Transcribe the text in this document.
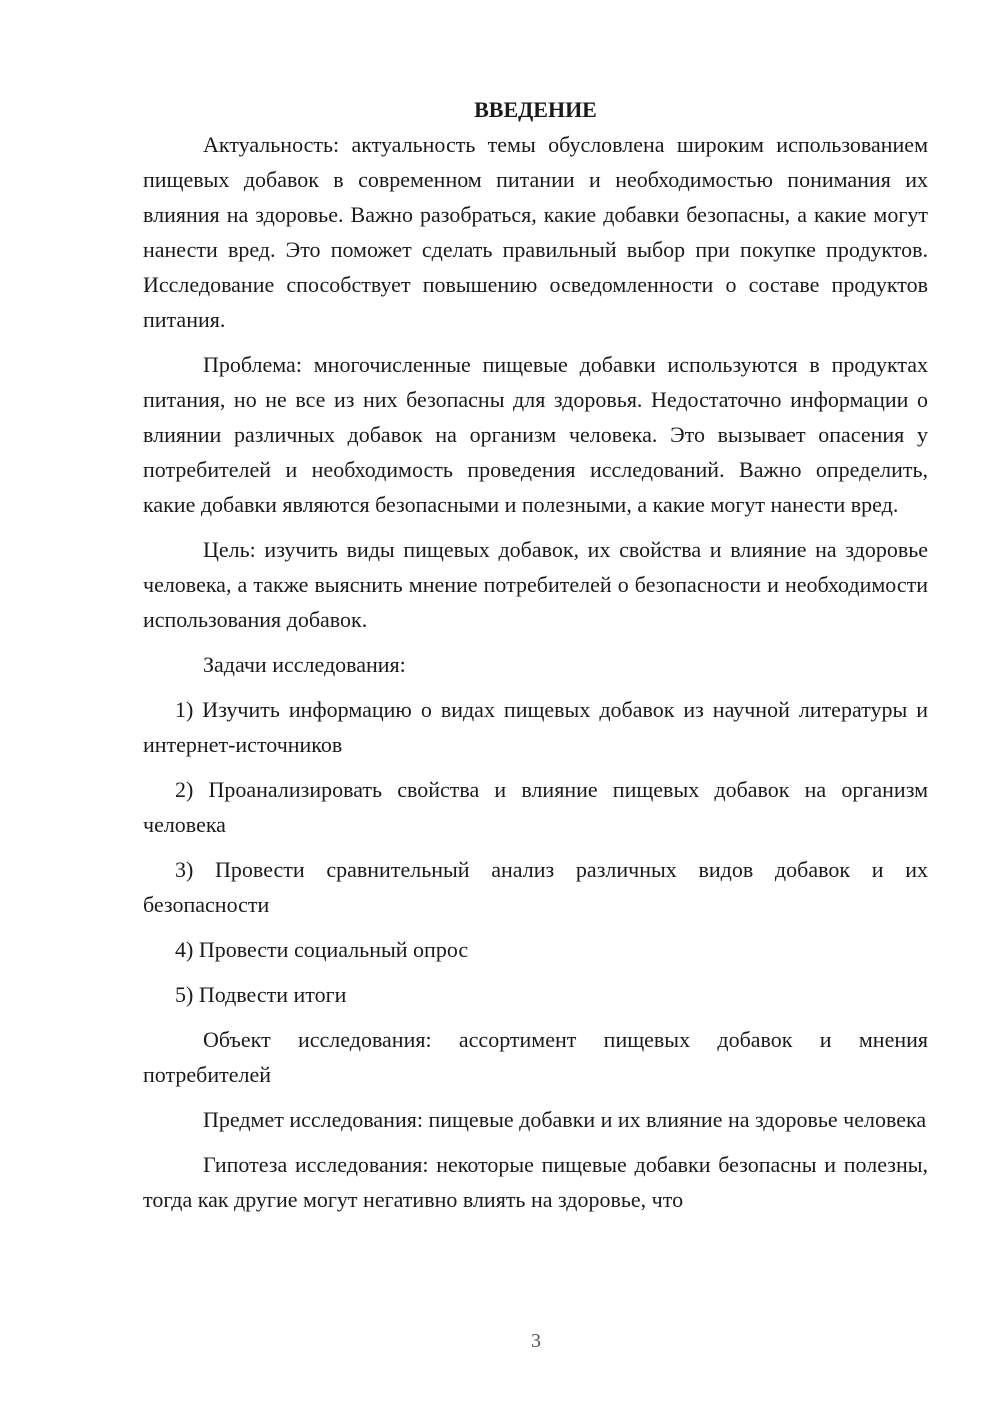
ВВЕДЕНИЕ

Актуальность: актуальность темы обусловлена широким использованием пищевых добавок в современном питании и необходимостью понимания их влияния на здоровье. Важно разобраться, какие добавки безопасны, а какие могут нанести вред. Это поможет сделать правильный выбор при покупке продуктов. Исследование способствует повышению осведомленности о составе продуктов питания.

Проблема: многочисленные пищевые добавки используются в продуктах питания, но не все из них безопасны для здоровья. Недостаточно информации о влиянии различных добавок на организм человека. Это вызывает опасения у потребителей и необходимость проведения исследований. Важно определить, какие добавки являются безопасными и полезными, а какие могут нанести вред.

Цель: изучить виды пищевых добавок, их свойства и влияние на здоровье человека, а также выяснить мнение потребителей о безопасности и необходимости использования добавок.

Задачи исследования:

1) Изучить информацию о видах пищевых добавок из научной литературы и интернет-источников

2) Проанализировать свойства и влияние пищевых добавок на организм человека

3) Провести сравнительный анализ различных видов добавок и их безопасности

4) Провести социальный опрос

5) Подвести итоги

Объект исследования: ассортимент пищевых добавок и мнения потребителей

Предмет исследования: пищевые добавки и их влияние на здоровье человека

Гипотеза исследования: некоторые пищевые добавки безопасны и полезны, тогда как другие могут негативно влиять на здоровье, что

3
